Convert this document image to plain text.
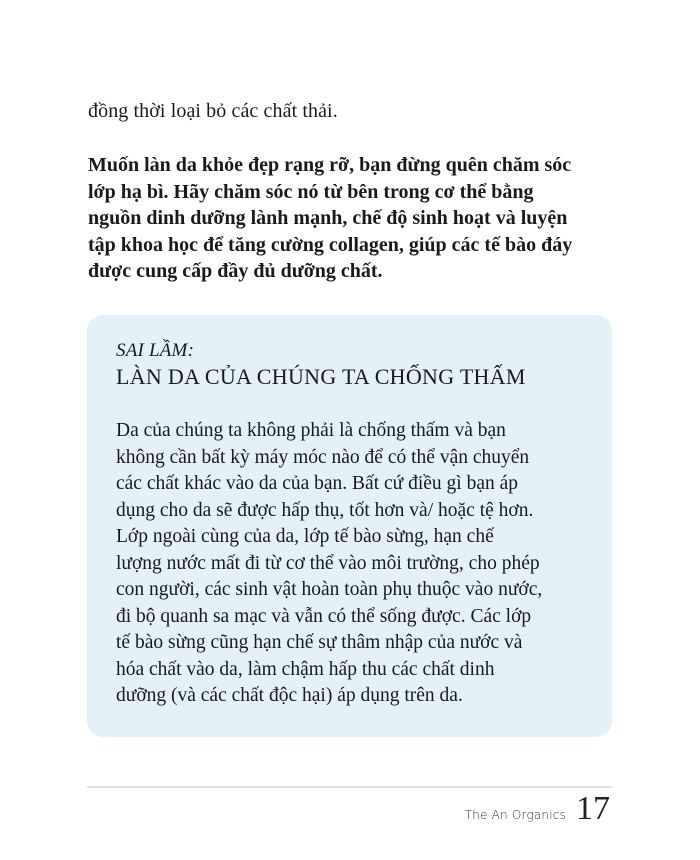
đồng thời loại bỏ các chất thải.

Muốn làn da khỏe đẹp rạng rỡ, bạn đừng quên chăm sóc
lớp hạ bì. Hãy chăm sóc nó từ bên trong cơ thể bằng
nguồn dinh dưỡng lành mạnh, chế độ sinh hoạt và luyện
tập khoa học để tăng cường collagen, giúp các tế bào đáy
được cung cấp đầy đủ dưỡng chất.

SAI LẦM:

LÀN DA CỦA CHÚNG TA CHỐNG THẤM
Da của chúng ta không phải là chống thấm và bạn
không cần bất kỳ máy móc nào để có thể vận chuyển
các chất khác vào da của bạn. Bất cứ điều gì bạn áp
dụng cho da sẽ được hấp thụ, tốt hơn và/ hoặc tệ hơn.
Lớp ngoài cùng của da, lớp tế bào sừng, hạn chế
lượng nước mất đi từ cơ thể vào môi trường, cho phép
con người, các sinh vật hoàn toàn phụ thuộc vào nước,
đi bộ quanh sa mạc và vẫn có thể sống được. Các lớp
tế bào sừng cũng hạn chế sự thâm nhập của nước và
hóa chất vào da, làm chậm hấp thu các chất dinh
dưỡng (và các chất độc hại) áp dụng trên da.
The An Organics 17
